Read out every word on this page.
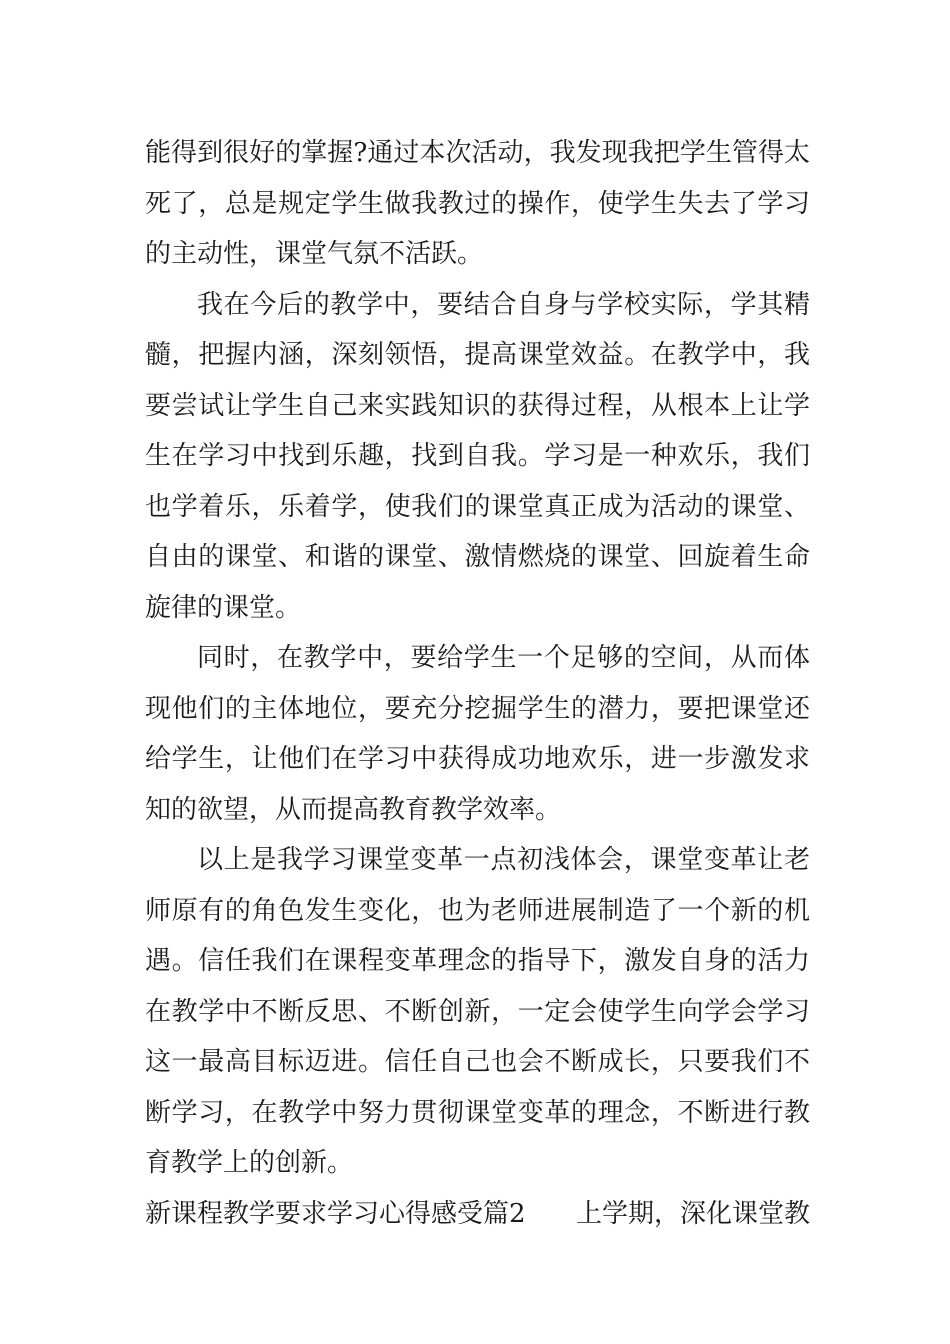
能得到很好的掌握?通过本次活动，我发现我把学生管得太
死了，总是规定学生做我教过的操作，使学生失去了学习
的主动性，课堂气氛不活跃。
我在今后的教学中，要结合自身与学校实际，学其精
髓，把握内涵，深刻领悟，提高课堂效益。在教学中，我
要尝试让学生自己来实践知识的获得过程，从根本上让学
生在学习中找到乐趣，找到自我。学习是一种欢乐，我们
也学着乐，乐着学，使我们的课堂真正成为活动的课堂、
自由的课堂、和谐的课堂、激情燃烧的课堂、回旋着生命
旋律的课堂。
同时，在教学中，要给学生一个足够的空间，从而体
现他们的主体地位，要充分挖掘学生的潜力，要把课堂还
给学生，让他们在学习中获得成功地欢乐，进一步激发求
知的欲望，从而提高教育教学效率。
以上是我学习课堂变革一点初浅体会，课堂变革让老
师原有的角色发生变化，也为老师进展制造了一个新的机
遇。信任我们在课程变革理念的指导下，激发自身的活力
在教学中不断反思、不断创新，一定会使学生向学会学习
这一最高目标迈进。信任自己也会不断成长，只要我们不
断学习，在教学中努力贯彻课堂变革的理念，不断进行教
育教学上的创新。
新课程教学要求学习心得感受篇2 上学期，深化课堂教
